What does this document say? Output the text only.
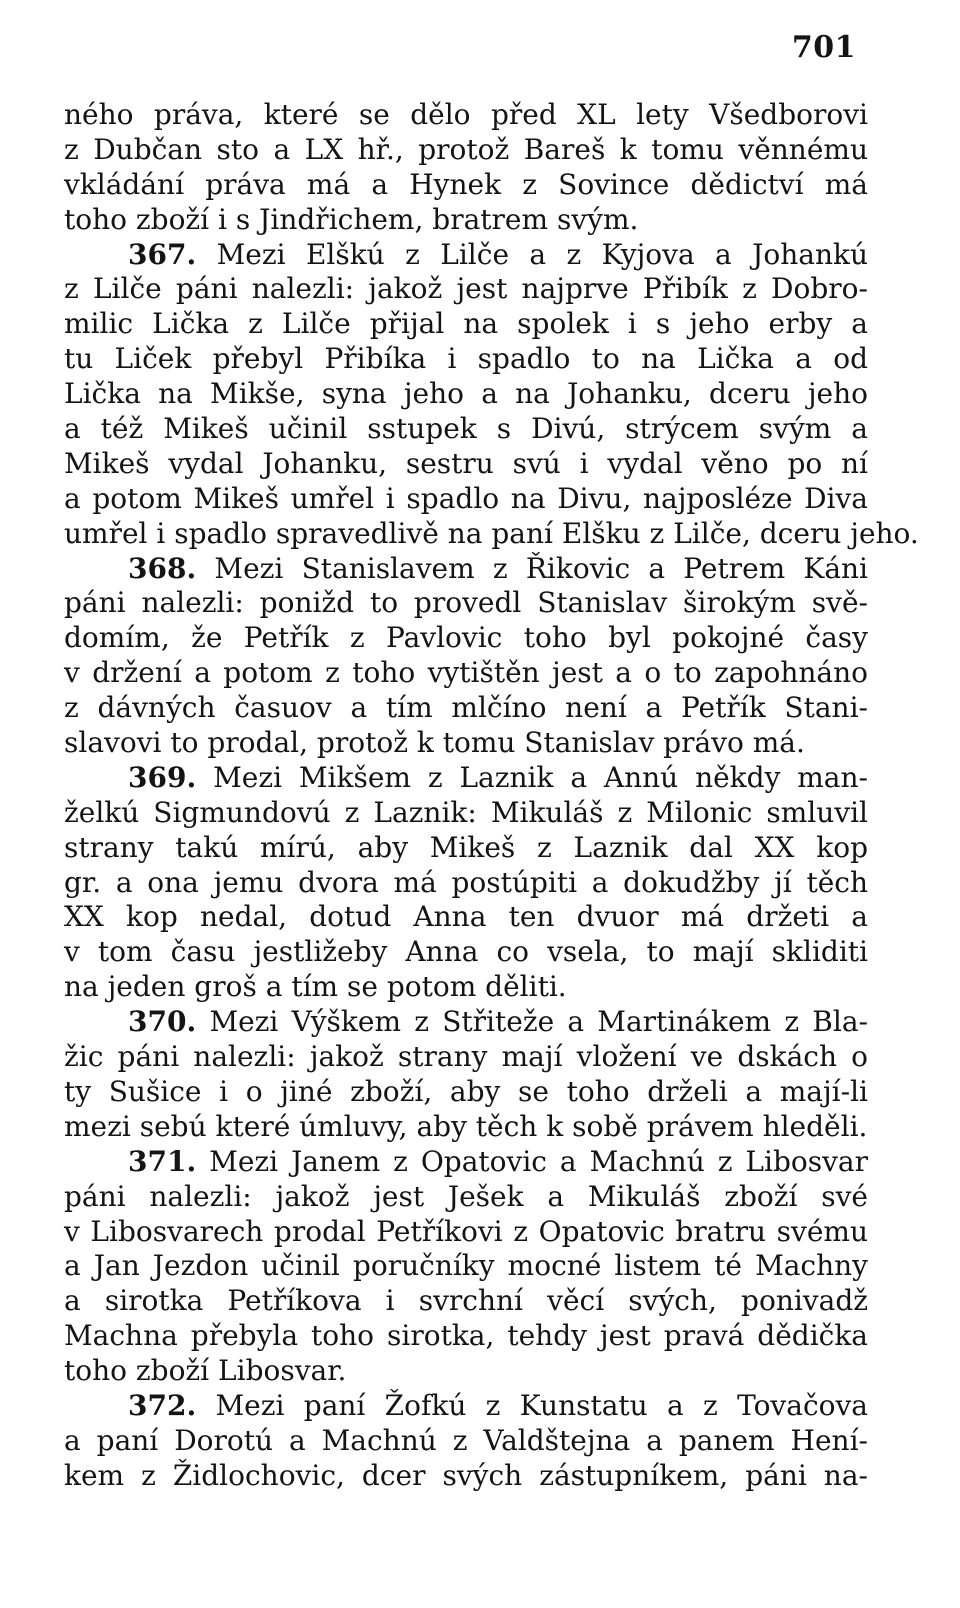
701
ného práva, které se dělo před XL lety Všedborovi
z Dubčan sto a LX hř., protož Bareš k tomu věnnému
vkládání práva má a Hynek z Sovince dědictví má
toho zboží i s Jindřichem, bratrem svým.
367. Mezi Elškú z Lilče a z Kyjova a Johankú
z Lilče páni nalezli: jakož jest najprve Přibík z Dobro-
milic Lička z Lilče přijal na spolek i s jeho erby a
tu Liček přebyl Přibíka i spadlo to na Lička a od
Lička na Mikše, syna jeho a na Johanku, dceru jeho
a též Mikeš učinil sstupek s Divú, strýcem svým a
Mikeš vydal Johanku, sestru svú i vydal věno po ní
a potom Mikeš umřel i spadlo na Divu, najposléze Diva
umřel i spadlo spravedlivě na paní Elšku z Lilče, dceru jeho.
368. Mezi Stanislavem z Řikovic a Petrem Káni
páni nalezli: ponižd to provedl Stanislav širokým svě-
domím, že Petřík z Pavlovic toho byl pokojné časy
v držení a potom z toho vytištěn jest a o to zapohnáno
z dávných časuov a tím mlčíno není a Petřík Stani-
slavovi to prodal, protož k tomu Stanislav právo má.
369. Mezi Mikšem z Laznik a Annú někdy man-
želkú Sigmundovú z Laznik: Mikuláš z Milonic smluvil
strany takú mírú, aby Mikeš z Laznik dal XX kop
gr. a ona jemu dvora má postúpiti a dokudžby jí těch
XX kop nedal, dotud Anna ten dvuor má držeti a
v tom času jestližeby Anna co vsela, to mají skliditi
na jeden groš a tím se potom děliti.
370. Mezi Výškem z Střiteže a Martinákem z Bla-
žic páni nalezli: jakož strany mají vložení ve dskách o
ty Sušice i o jiné zboží, aby se toho drželi a mají-li
mezi sebú které úmluvy, aby těch k sobě právem hleděli.
371. Mezi Janem z Opatovic a Machnú z Libosvar
páni nalezli: jakož jest Ješek a Mikuláš zboží své
v Libosvarech prodal Petříkovi z Opatovic bratru svému
a Jan Jezdon učinil poručníky mocné listem té Machny
a sirotka Petříkova i svrchní věcí svých, ponivadž
Machna přebyla toho sirotka, tehdy jest pravá dědička
toho zboží Libosvar.
372. Mezi paní Žofkú z Kunstatu a z Tovačova
a paní Dorotú a Machnú z Valdštejna a panem Hení-
kem z Židlochovic, dcer svých zástupníkem, páni na-
